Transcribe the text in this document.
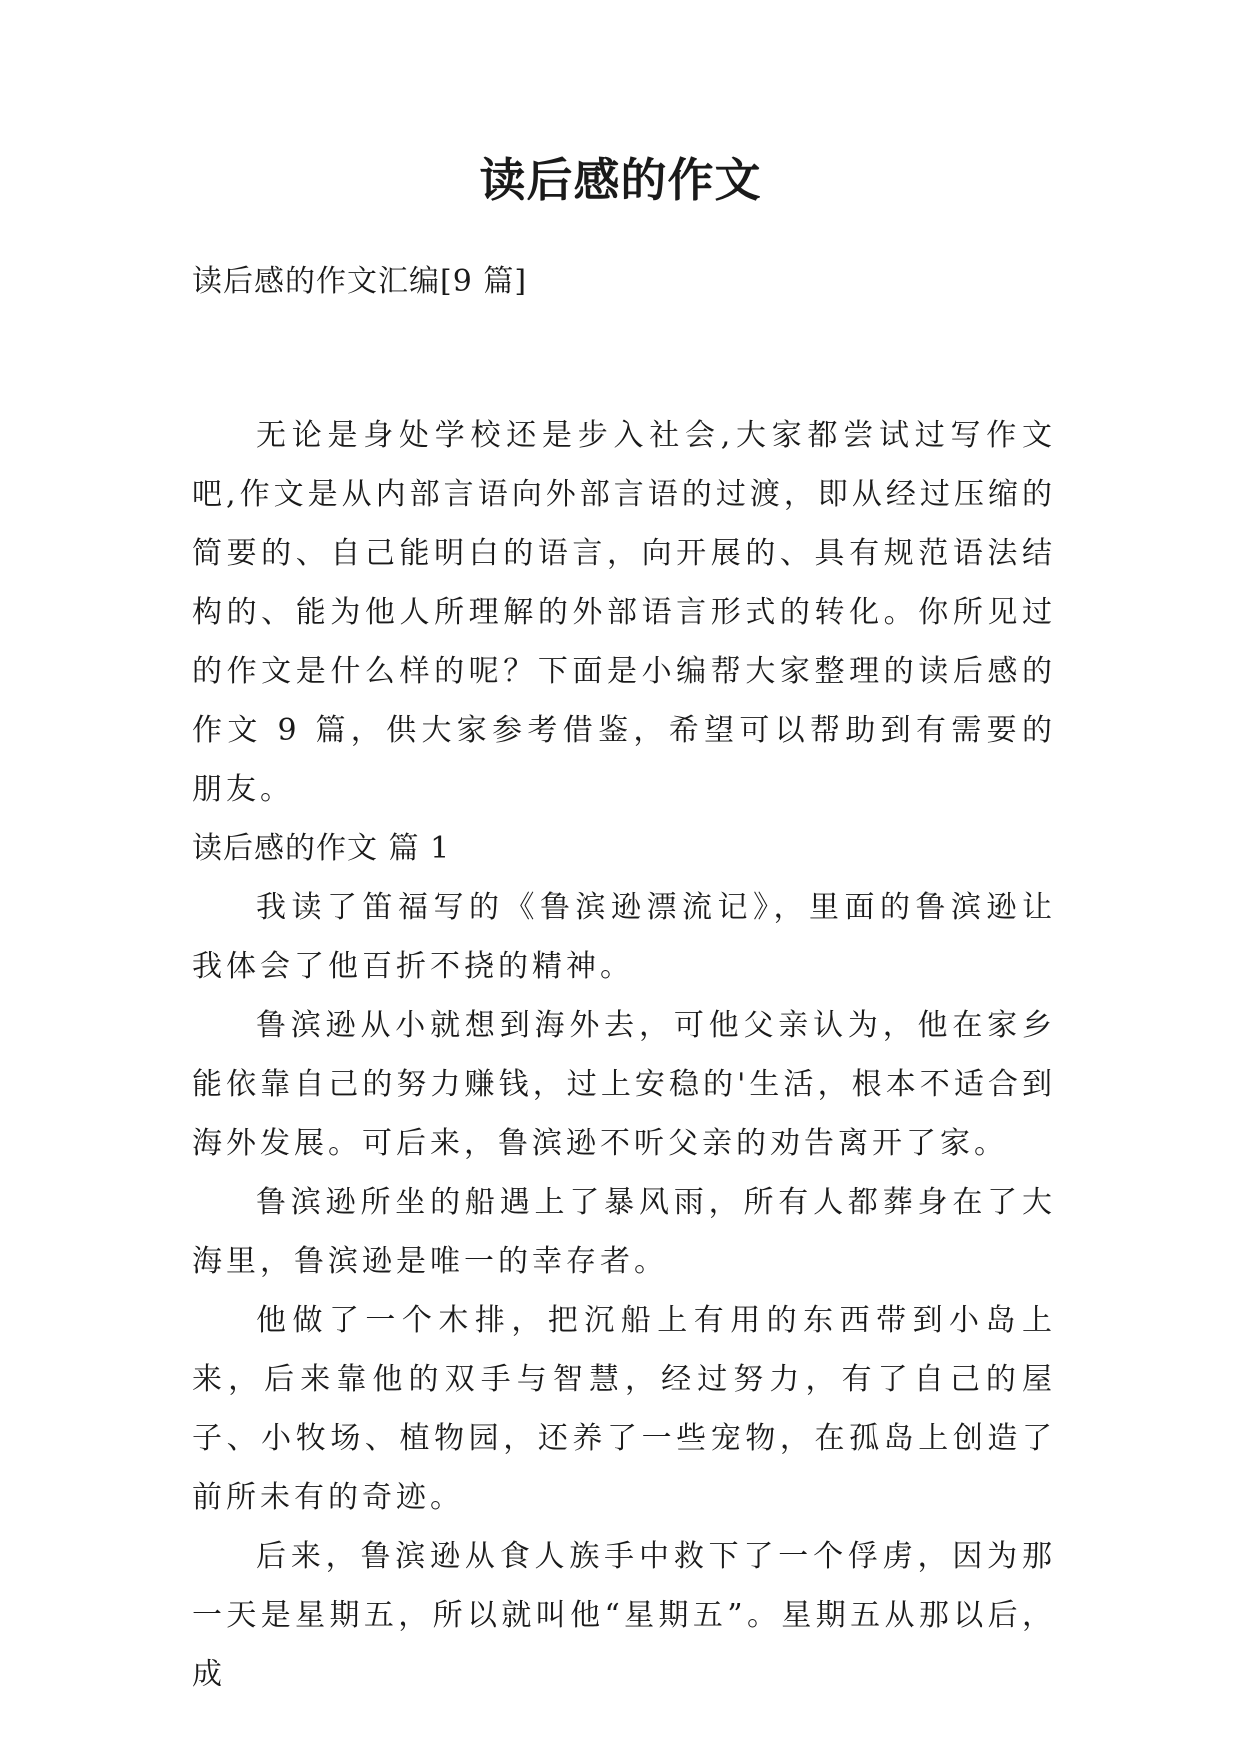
读后感的作文

读后感的作文汇编[9 篇]

无论是身处学校还是步入社会,大家都尝试过写作文吧,作文是从内部言语向外部言语的过渡，即从经过压缩的简要的、自己能明白的语言，向开展的、具有规范语法结构的、能为他人所理解的外部语言形式的转化。你所见过的作文是什么样的呢？下面是小编帮大家整理的读后感的作文 9 篇，供大家参考借鉴，希望可以帮助到有需要的朋友。

读后感的作文 篇 1

我读了笛福写的《鲁滨逊漂流记》，里面的鲁滨逊让我体会了他百折不挠的精神。

鲁滨逊从小就想到海外去，可他父亲认为，他在家乡能依靠自己的努力赚钱，过上安稳的'生活，根本不适合到海外发展。可后来，鲁滨逊不听父亲的劝告离开了家。

鲁滨逊所坐的船遇上了暴风雨，所有人都葬身在了大海里，鲁滨逊是唯一的幸存者。

他做了一个木排，把沉船上有用的东西带到小岛上来，后来靠他的双手与智慧，经过努力，有了自己的屋子、小牧场、植物园，还养了一些宠物，在孤岛上创造了前所未有的奇迹。

后来，鲁滨逊从食人族手中救下了一个俘虏，因为那一天是星期五，所以就叫他“星期五”。星期五从那以后，成
